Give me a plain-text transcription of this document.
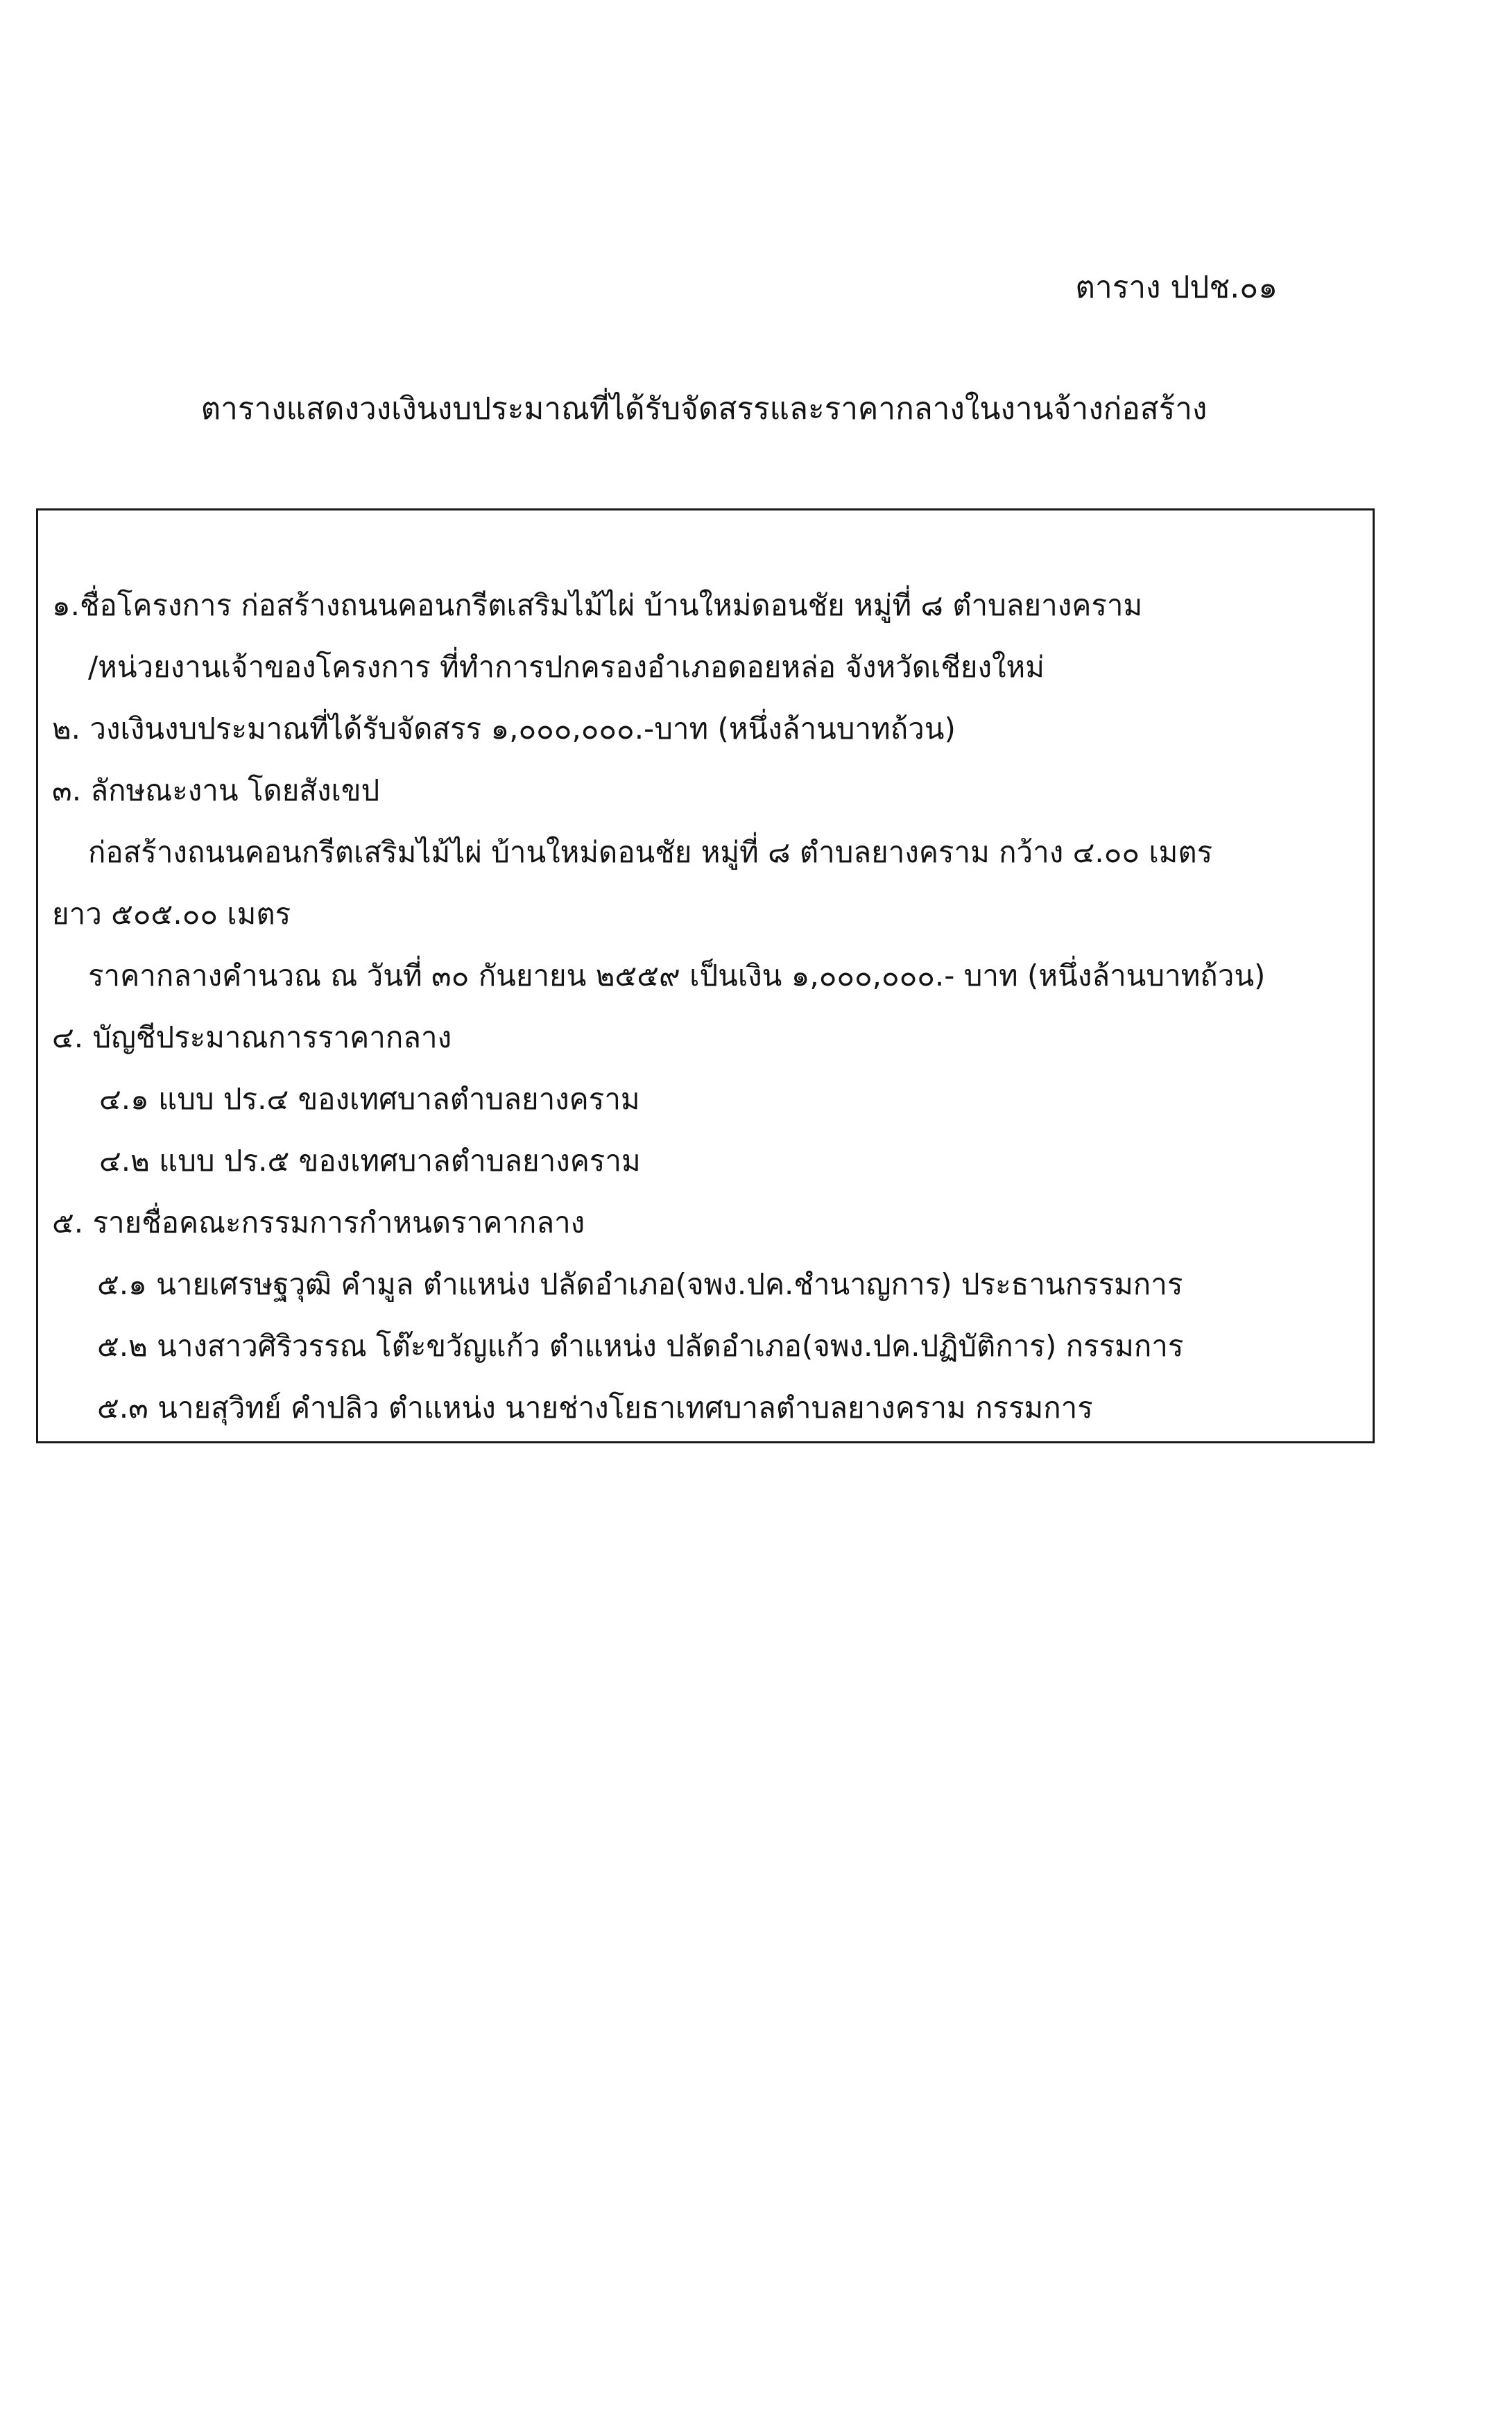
ตาราง ปปช.๐๑
ตารางแสดงวงเงินงบประมาณที่ได้รับจัดสรรและราคากลางในงานจ้างก่อสร้าง
๑.ชื่อโครงการ ก่อสร้างถนนคอนกรีตเสริมไม้ไผ่ บ้านใหม่ดอนชัย หมู่ที่ ๘ ตำบลยางคราม
/หน่วยงานเจ้าของโครงการ ที่ทำการปกครองอำเภอดอยหล่อ จังหวัดเชียงใหม่
๒. วงเงินงบประมาณที่ได้รับจัดสรร ๑,๐๐๐,๐๐๐.-บาท (หนึ่งล้านบาทถ้วน)
๓. ลักษณะงาน โดยสังเขป
ก่อสร้างถนนคอนกรีตเสริมไม้ไผ่ บ้านใหม่ดอนชัย หมู่ที่ ๘ ตำบลยางคราม กว้าง ๔.๐๐ เมตร
ยาว ๕๐๕.๐๐ เมตร
ราคากลางคำนวณ ณ วันที่ ๓๐ กันยายน ๒๕๕๙ เป็นเงิน ๑,๐๐๐,๐๐๐.- บาท (หนึ่งล้านบาทถ้วน)
๔. บัญชีประมาณการราคากลาง
๔.๑ แบบ ปร.๔ ของเทศบาลตำบลยางคราม
๔.๒ แบบ ปร.๕ ของเทศบาลตำบลยางคราม
๕. รายชื่อคณะกรรมการกำหนดราคากลาง
๕.๑ นายเศรษฐวุฒิ คำมูล ตำแหน่ง ปลัดอำเภอ(จพง.ปค.ชำนาญการ) ประธานกรรมการ
๕.๒ นางสาวศิริวรรณ โต๊ะขวัญแก้ว ตำแหน่ง ปลัดอำเภอ(จพง.ปค.ปฏิบัติการ) กรรมการ
๕.๓ นายสุวิทย์ คำปลิว ตำแหน่ง นายช่างโยธาเทศบาลตำบลยางคราม กรรมการ
